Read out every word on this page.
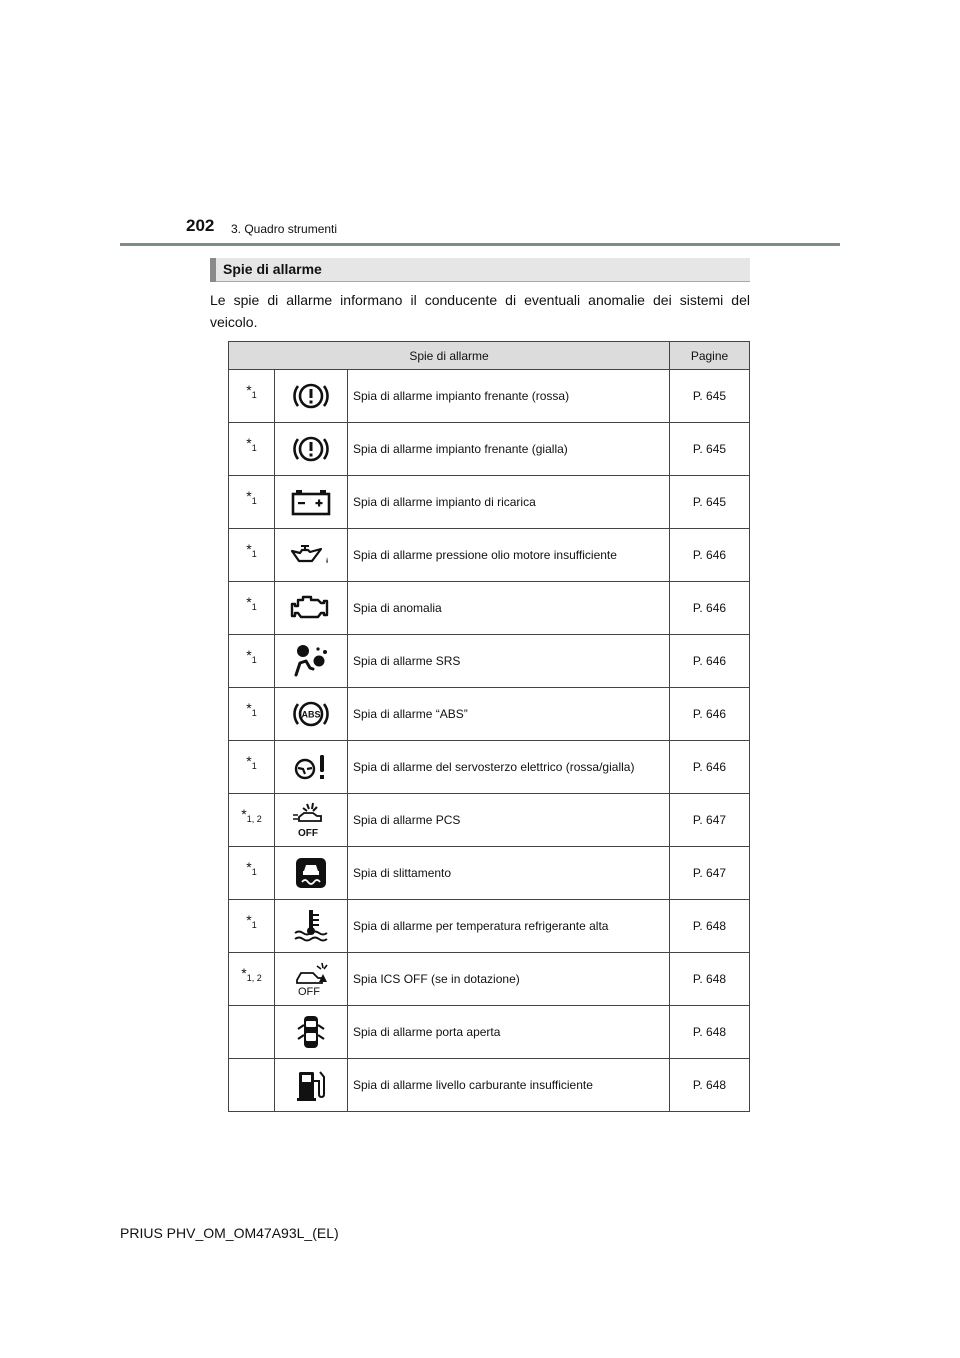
202 3. Quadro strumenti
Spie di allarme
Le spie di allarme informano il conducente di eventuali anomalie dei sistemi del veicolo.
Spie di allarme			Pagine
$*_1$		Spia di allarme impianto frenante (rossa)	P. 645
$*_1$		Spia di allarme impianto frenante (gialla)	P. 645
$*_1$		Spia di allarme impianto di ricarica	P. 645
$*_1$		Spia di allarme pressione olio motore insufficiente	P. 646
$*_1$		Spia di anomalia	P. 646
$*_1$		Spia di allarme SRS	P. 646
$*_1$	ABS	Spia di allarme “ABS”	P. 646
$*_1$		Spia di allarme del servosterzo elettrico (rossa/gialla)	P. 646
$*_{1, 2}$	OFF	Spia di allarme PCS	P. 647
$*_1$		Spia di slittamento	P. 647
$*_1$		Spia di allarme per temperatura refrigerante alta	P. 648
$*_{1, 2}$	OFF	Spia ICS OFF (se in dotazione)	P. 648
		Spia di allarme porta aperta	P. 648
		Spia di allarme livello carburante insufficiente	P. 648
PRIUS PHV_OM_OM47A93L_(EL)
